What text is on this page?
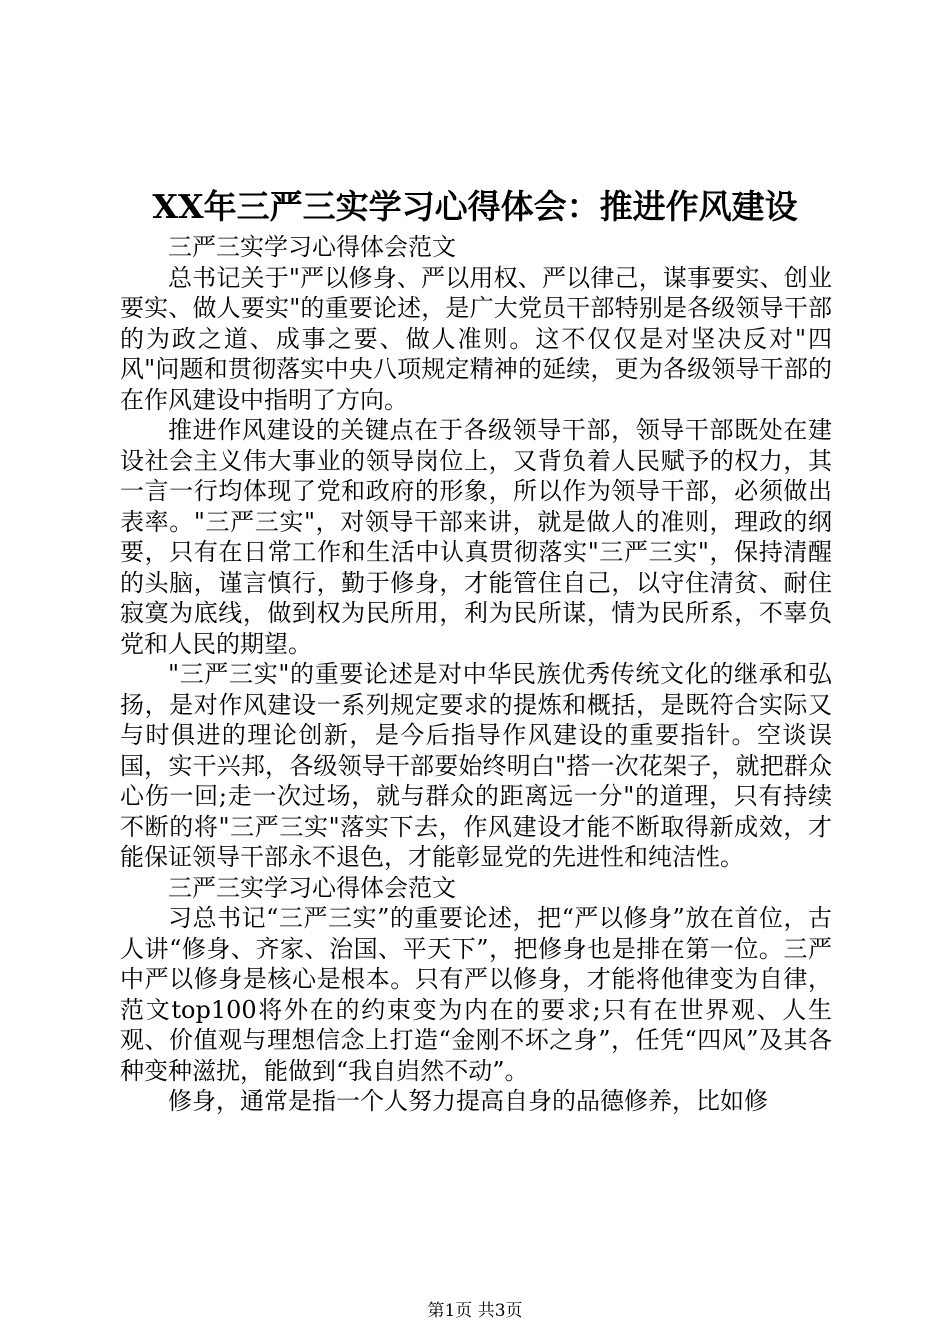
XX年三严三实学习心得体会：推进作风建设

三严三实学习心得体会范文

总书记关于"严以修身、严以用权、严以律己，谋事要实、创业要实、做人要实"的重要论述，是广大党员干部特别是各级领导干部的为政之道、成事之要、做人准则。这不仅仅是对坚决反对"四风"问题和贯彻落实中央八项规定精神的延续，更为各级领导干部的在作风建设中指明了方向。

推进作风建设的关键点在于各级领导干部，领导干部既处在建设社会主义伟大事业的领导岗位上，又背负着人民赋予的权力，其一言一行均体现了党和政府的形象，所以作为领导干部，必须做出表率。"三严三实"，对领导干部来讲，就是做人的准则，理政的纲要，只有在日常工作和生活中认真贯彻落实"三严三实"，保持清醒的头脑，谨言慎行，勤于修身，才能管住自己，以守住清贫、耐住寂寞为底线，做到权为民所用，利为民所谋，情为民所系，不辜负党和人民的期望。

"三严三实"的重要论述是对中华民族优秀传统文化的继承和弘扬，是对作风建设一系列规定要求的提炼和概括，是既符合实际又与时俱进的理论创新，是今后指导作风建设的重要指针。空谈误国，实干兴邦，各级领导干部要始终明白"搭一次花架子，就把群众心伤一回;走一次过场，就与群众的距离远一分"的道理，只有持续不断的将"三严三实"落实下去，作风建设才能不断取得新成效，才能保证领导干部永不退色，才能彰显党的先进性和纯洁性。

三严三实学习心得体会范文

习总书记“三严三实”的重要论述，把“严以修身”放在首位，古人讲“修身、齐家、治国、平天下”，把修身也是排在第一位。三严中严以修身是核心是根本。只有严以修身，才能将他律变为自律，范文top100将外在的约束变为内在的要求;只有在世界观、人生观、价值观与理想信念上打造“金刚不坏之身”，任凭“四风”及其各种变种滋扰，能做到“我自岿然不动”。

修身，通常是指一个人努力提高自身的品德修养，比如修

第1页 共3页
